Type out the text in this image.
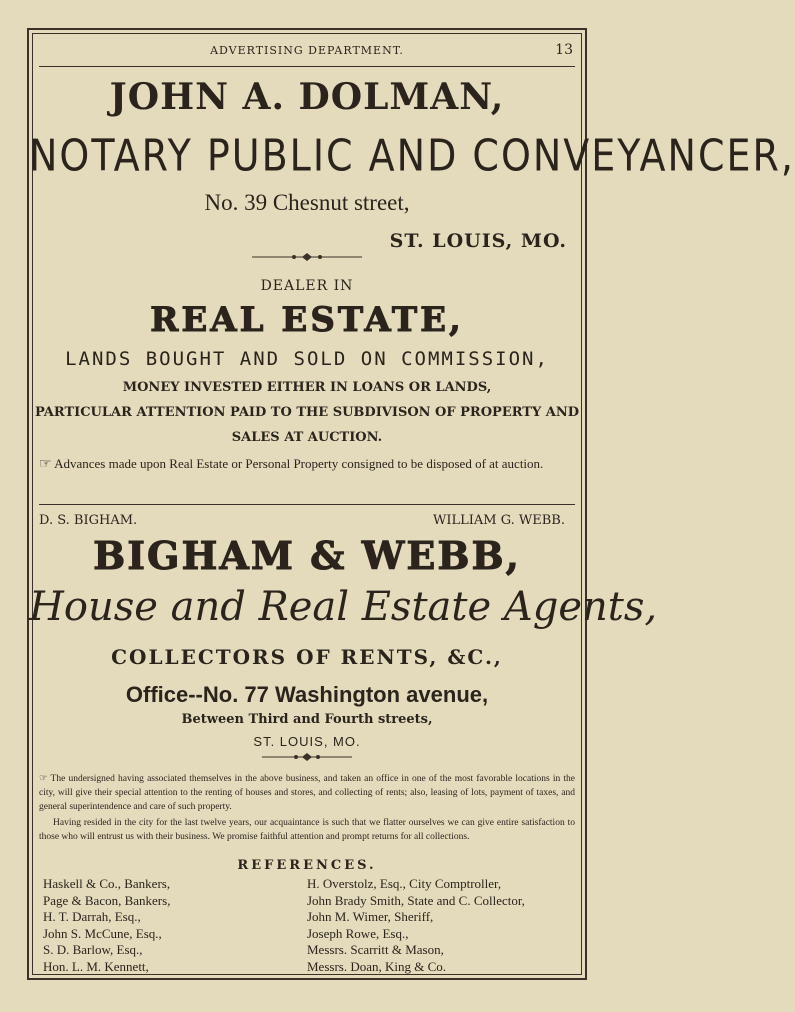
ADVERTISING DEPARTMENT.	13
JOHN A. DOLMAN,
NOTARY PUBLIC AND CONVEYANCER,
No. 39 Chesnut street,
ST. LOUIS, MO.
DEALER IN
REAL ESTATE,
LANDS BOUGHT AND SOLD ON COMMISSION,
MONEY INVESTED EITHER IN LOANS OR LANDS,
PARTICULAR ATTENTION PAID TO THE SUBDIVISON OF PROPERTY AND
SALES AT AUCTION.
☞ Advances made upon Real Estate or Personal Property consigned to be disposed of at auction.
D. S. BIGHAM.	WILLIAM G. WEBB.
BIGHAM & WEBB,
House and Real Estate Agents,
COLLECTORS OF RENTS, &C.,
Office--No. 77 Washington avenue,
Between Third and Fourth streets,
ST. LOUIS, MO.
☞ The undersigned having associated themselves in the above business, and taken an office in one of the most favorable locations in the city, will give their special attention to the renting of houses and stores, and collecting of rents; also, leasing of lots, payment of taxes, and general superintendence and care of such property.
Having resided in the city for the last twelve years, our acquaintance is such that we flatter ourselves we can give entire satisfaction to those who will entrust us with their business. We promise faithful attention and prompt returns for all collections.
REFERENCES.
Haskell & Co., Bankers,
Page & Bacon, Bankers,
H. T. Darrah, Esq.,
John S. McCune, Esq.,
S. D. Barlow, Esq.,
Hon. L. M. Kennett,
H. Overstolz, Esq., City Comptroller,
John Brady Smith, State and C. Collector,
John M. Wimer, Sheriff,
Joseph Rowe, Esq.,
Messrs. Scarritt & Mason,
Messrs. Doan, King & Co.
